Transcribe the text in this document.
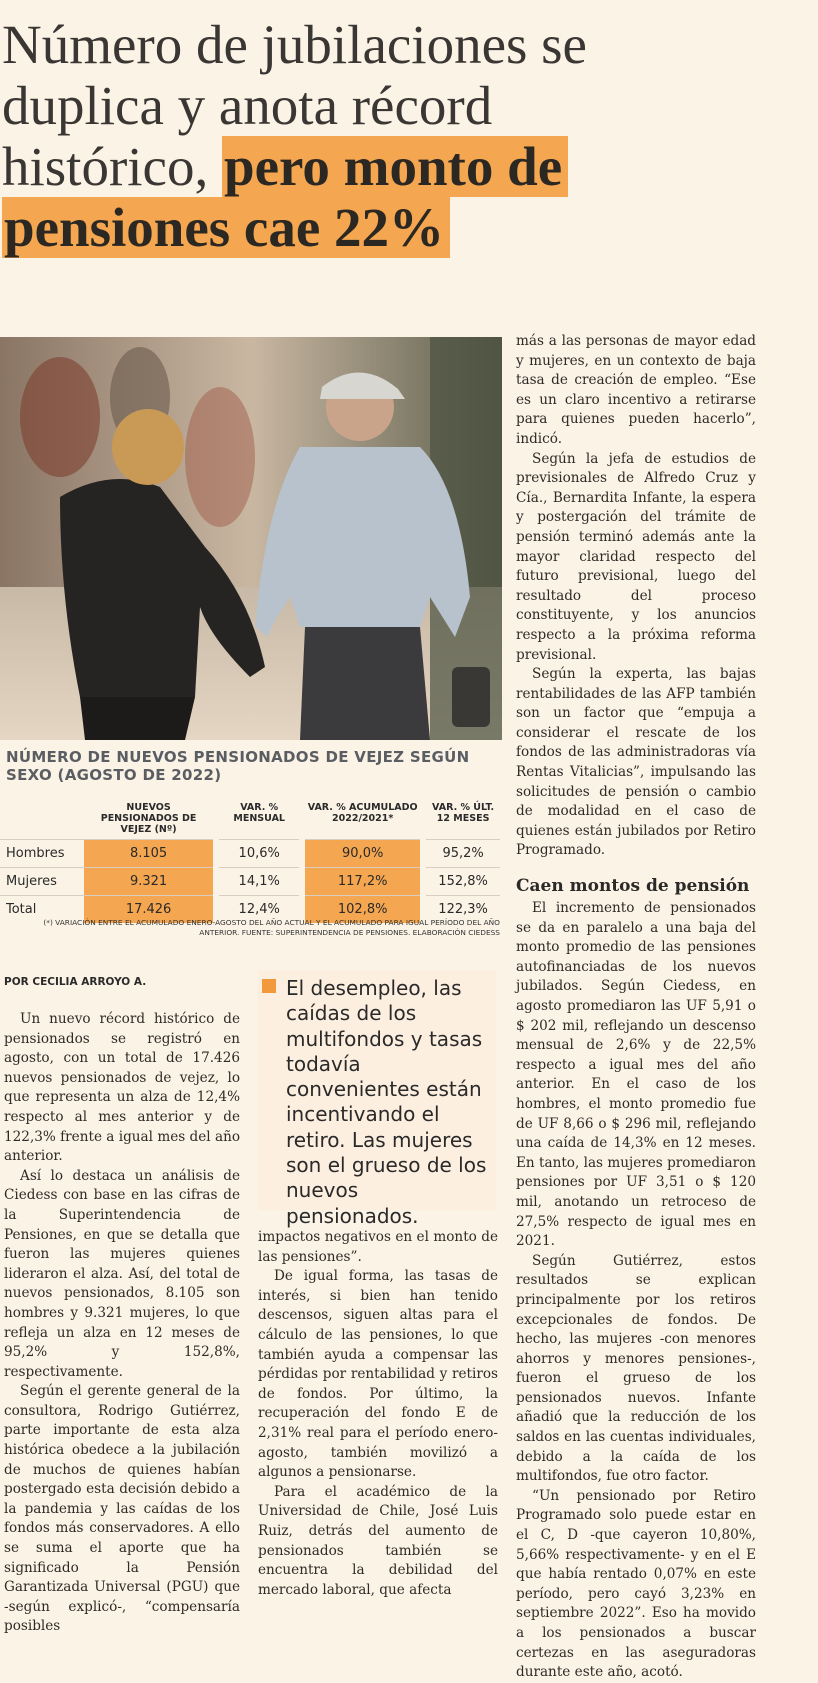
Número de jubilaciones se duplica y anota récord histórico, pero monto de pensiones cae 22%
NÚMERO DE NUEVOS PENSIONADOS DE VEJEZ SEGÚN SEXO (AGOSTO DE 2022)
	NUEVOS PENSIONADOS DE VEJEZ (Nº)		VAR. % MENSUAL		VAR. % ACUMULADO 2022/2021*		VAR. % ÚLT. 12 MESES
Hombres	8.105		10,6%		90,0%		95,2%
Mujeres	9.321		14,1%		117,2%		152,8%
Total	17.426		12,4%		102,8%		122,3%
(*) VARIACIÓN ENTRE EL ACUMULADO ENERO-AGOSTO DEL AÑO ACTUAL Y EL ACUMULADO PARA IGUAL PERÍODO DEL AÑO ANTERIOR. FUENTE: SUPERINTENDENCIA DE PENSIONES. ELABORACIÓN CIEDESS
POR CECILIA ARROYO A.

Un nuevo récord histórico de pensionados se registró en agosto, con un total de 17.426 nuevos pensionados de vejez, lo que representa un alza de 12,4% respecto al mes anterior y de 122,3% frente a igual mes del año anterior.

Así lo destaca un análisis de Ciedess con base en las cifras de la Superintendencia de Pensiones, en que se detalla que fueron las mujeres quienes lideraron el alza. Así, del total de nuevos pensionados, 8.105 son hombres y 9.321 mujeres, lo que refleja un alza en 12 meses de 95,2% y 152,8%, respectivamente.

Según el gerente general de la consultora, Rodrigo Gutiérrez, parte importante de esta alza histórica obedece a la jubilación de muchos de quienes habían postergado esta decisión debido a la pandemia y las caídas de los fondos más conservadores. A ello se suma el aporte que ha significado la Pensión Garantizada Universal (PGU) que -según explicó-, “compensaría posibles

El desempleo, las caídas de los multifondos y tasas todavía convenientes están incentivando el retiro. Las mujeres son el grueso de los nuevos pensionados.

impactos negativos en el monto de las pensiones”.

De igual forma, las tasas de interés, si bien han tenido descensos, siguen altas para el cálculo de las pensiones, lo que también ayuda a compensar las pérdidas por rentabilidad y retiros de fondos. Por último, la recuperación del fondo E de 2,31% real para el período enero-agosto, también movilizó a algunos a pensionarse.

Para el académico de la Universidad de Chile, José Luis Ruiz, detrás del aumento de pensionados también se encuentra la debilidad del mercado laboral, que afecta

más a las personas de mayor edad y mujeres, en un contexto de baja tasa de creación de empleo. “Ese es un claro incentivo a retirarse para quienes pueden hacerlo”, indicó.

Según la jefa de estudios de previsionales de Alfredo Cruz y Cía., Bernardita Infante, la espera y postergación del trámite de pensión terminó además ante la mayor claridad respecto del futuro previsional, luego del resultado del proceso constituyente, y los anuncios respecto a la próxima reforma previsional.

Según la experta, las bajas rentabilidades de las AFP también son un factor que “empuja a considerar el rescate de los fondos de las administradoras vía Rentas Vitalicias”, impulsando las solicitudes de pensión o cambio de modalidad en el caso de quienes están jubilados por Retiro Programado.

Caen montos de pensión

El incremento de pensionados se da en paralelo a una baja del monto promedio de las pensiones autofinanciadas de los nuevos jubilados. Según Ciedess, en agosto promediaron las UF 5,91 o $ 202 mil, reflejando un descenso mensual de 2,6% y de 22,5% respecto a igual mes del año anterior. En el caso de los hombres, el monto promedio fue de UF 8,66 o $ 296 mil, reflejando una caída de 14,3% en 12 meses. En tanto, las mujeres promediaron pensiones por UF 3,51 o $ 120 mil, anotando un retroceso de 27,5% respecto de igual mes en 2021.

Según Gutiérrez, estos resultados se explican principalmente por los retiros excepcionales de fondos. De hecho, las mujeres -con menores ahorros y menores pensiones-, fueron el grueso de los pensionados nuevos. Infante añadió que la reducción de los saldos en las cuentas individuales, debido a la caída de los multifondos, fue otro factor.

“Un pensionado por Retiro Programado solo puede estar en el C, D -que cayeron 10,80%, 5,66% respectivamente- y en el E que había rentado 0,07% en este período, pero cayó 3,23% en septiembre 2022”. Eso ha movido a los pensionados a buscar certezas en las aseguradoras durante este año, acotó.
